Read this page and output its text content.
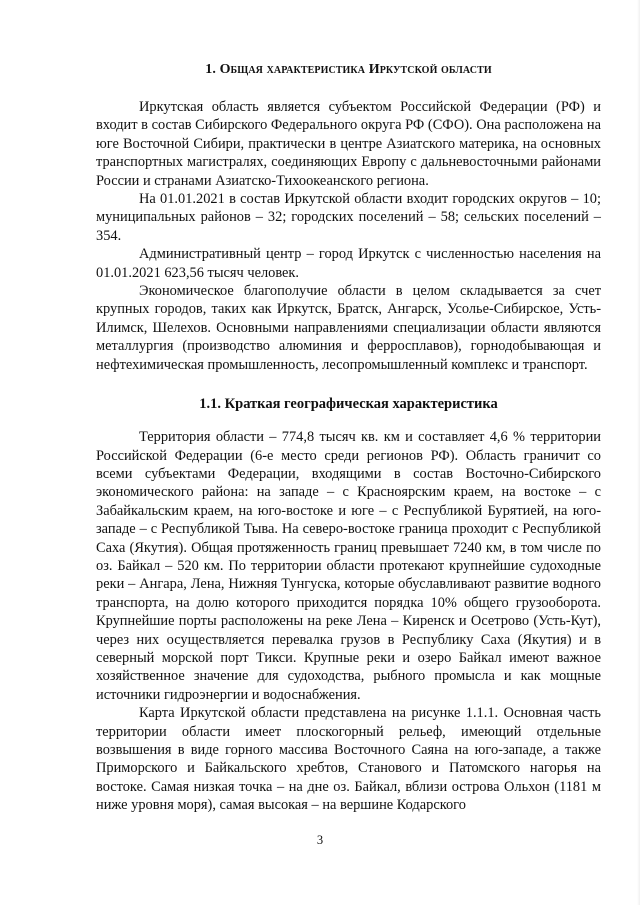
1. Общая характеристика Иркутской области

Иркутская область является субъектом Российской Федерации (РФ) и входит в состав Сибирского Федерального округа РФ (СФО). Она расположена на юге Восточной Сибири, практически в центре Азиатского материка, на основных транспортных магистралях, соединяющих Европу с дальневосточными районами России и странами Азиатско-Тихоокеанского региона.

На 01.01.2021 в состав Иркутской области входит городских округов – 10; муниципальных районов – 32; городских поселений – 58; сельских поселений – 354.

Административный центр – город Иркутск с численностью населения на 01.01.2021 623,56 тысяч человек.

Экономическое благополучие области в целом складывается за счет крупных городов, таких как Иркутск, Братск, Ангарск, Усолье-Сибирское, Усть-Илимск, Шелехов. Основными направлениями специализации области являются металлургия (производство алюминия и ферросплавов), горнодобывающая и нефтехимическая промышленность, лесопромышленный комплекс и транспорт.

1.1. Краткая географическая характеристика

Территория области – 774,8 тысяч кв. км и составляет 4,6 % территории Российской Федерации (6-е место среди регионов РФ). Область граничит со всеми субъектами Федерации, входящими в состав Восточно-Сибирского экономического района: на западе – с Красноярским краем, на востоке – с Забайкальским краем, на юго-востоке и юге – с Республикой Бурятией, на юго-западе – с Республикой Тыва. На северо-востоке граница проходит с Республикой Саха (Якутия). Общая протяженность границ превышает 7240 км, в том числе по оз. Байкал – 520 км. По территории области протекают крупнейшие судоходные реки – Ангара, Лена, Нижняя Тунгуска, которые обуславливают развитие водного транспорта, на долю которого приходится порядка 10% общего грузооборота. Крупнейшие порты расположены на реке Лена – Киренск и Осетрово (Усть-Кут), через них осуществляется перевалка грузов в Республику Саха (Якутия) и в северный морской порт Тикси. Крупные реки и озеро Байкал имеют важное хозяйственное значение для судоходства, рыбного промысла и как мощные источники гидроэнергии и водоснабжения.

Карта Иркутской области представлена на рисунке 1.1.1. Основная часть территории области имеет плоскогорный рельеф, имеющий отдельные возвышения в виде горного массива Восточного Саяна на юго-западе, а также Приморского и Байкальского хребтов, Станового и Патомского нагорья на востоке. Самая низкая точка – на дне оз. Байкал, вблизи острова Ольхон (1181 м ниже уровня моря), самая высокая – на вершине Кодарского

3
